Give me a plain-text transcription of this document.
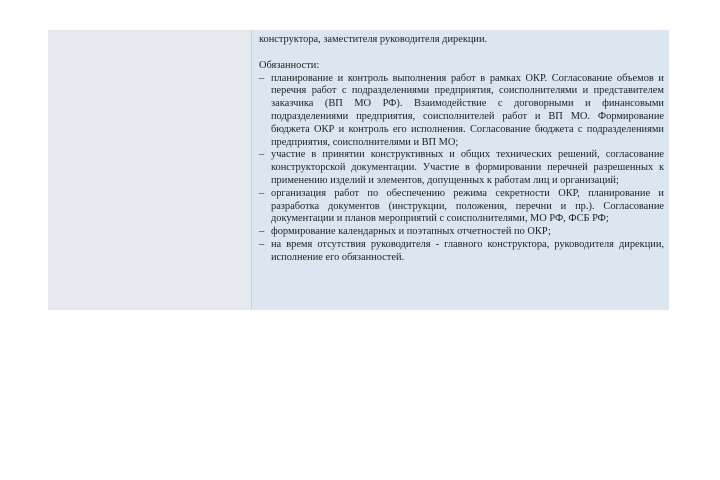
конструктора, заместителя руководителя дирекции.

Обязанности:

– планирование и контроль выполнения работ в рамках ОКР. Согласование объемов и перечня работ с подразделениями предприятия, соисполнителями и представителем заказчика (ВП МО РФ). Взаимодействие с договорными и финансовыми подразделениями предприятия, соисполнителей работ и ВП МО. Формирование бюджета ОКР и контроль его исполнения. Согласование бюджета с подразделениями предприятия, соисполнителями и ВП МО;
– участие в принятии конструктивных и общих технических решений, согласование конструкторской документации. Участие в формировании перечней разрешенных к применению изделий и элементов, допущенных к работам лиц и организаций;
– организация работ по обеспечению режима секретности ОКР, планирование и разработка документов (инструкции, положения, перечни и пр.). Согласование документации и планов мероприятий с соисполнителями, МО РФ, ФСБ РФ;
– формирование календарных и поэтапных отчетностей по ОКР;
– на время отсутствия руководителя - главного конструктора, руководителя дирекции, исполнение его обязанностей.
